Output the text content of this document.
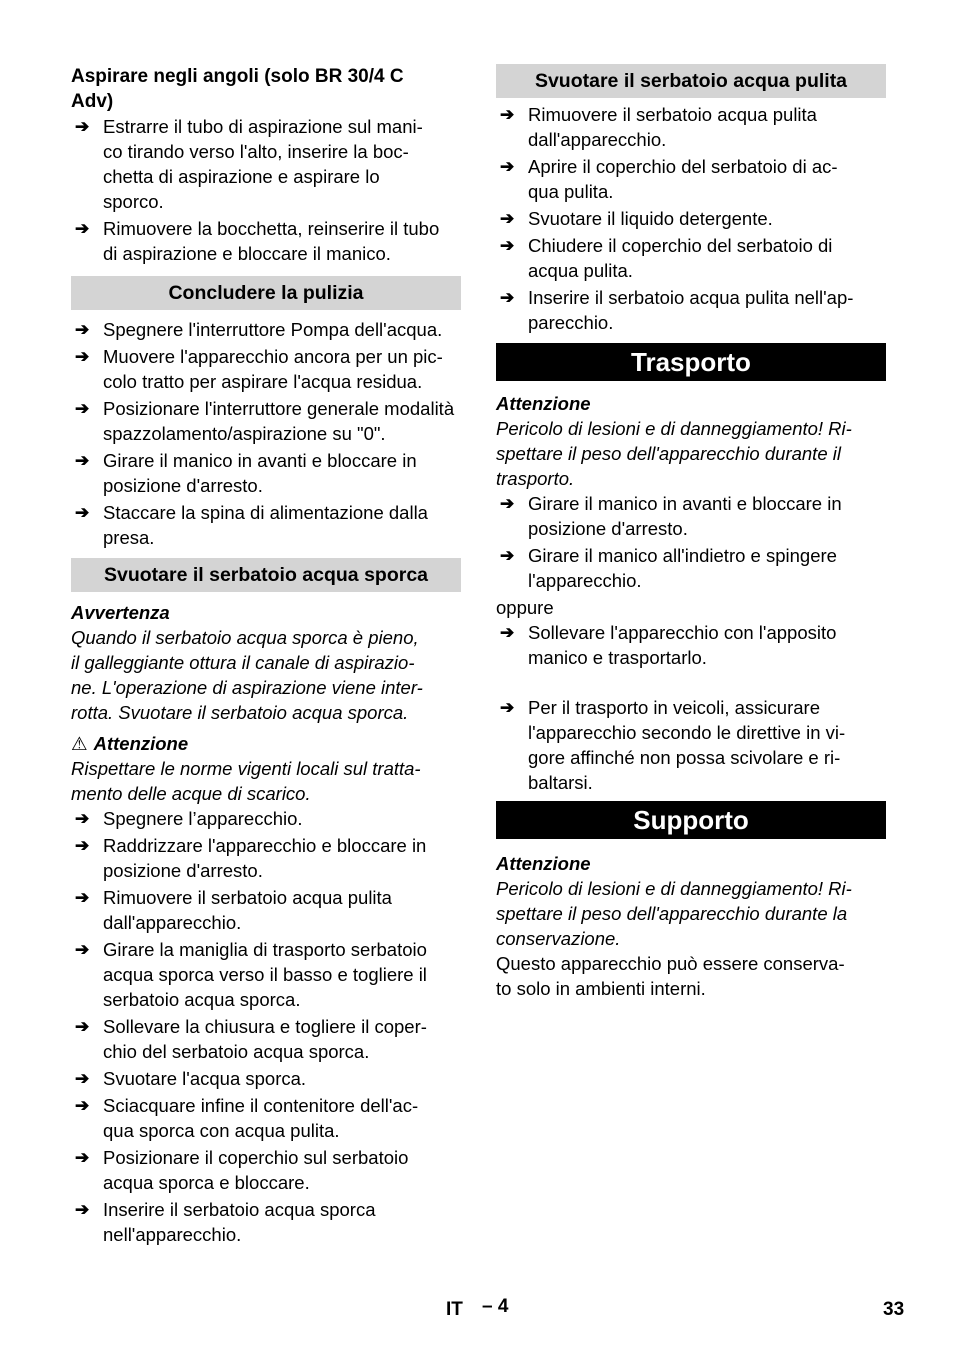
Aspirare negli angoli (solo BR 30/4 C
Adv)

➔ Estrarre il tubo di aspirazione sul mani-
co tirando verso l'alto, inserire la boc-
chetta di aspirazione e aspirare lo
sporco.
➔ Rimuovere la bocchetta, reinserire il tubo
di aspirazione e bloccare il manico.
Concludere la pulizia
➔ Spegnere l'interruttore Pompa dell'acqua.
➔ Muovere l'apparecchio ancora per un pic-
colo tratto per aspirare l'acqua residua.
➔ Posizionare l'interruttore generale modalità
spazzolamento/aspirazione su "0".
➔ Girare il manico in avanti e bloccare in
posizione d'arresto.
➔ Staccare la spina di alimentazione dalla
presa.
Svuotare il serbatoio acqua sporca

Avvertenza

Quando il serbatoio acqua sporca è pieno,
il galleggiante ottura il canale di aspirazio-
ne. L'operazione di aspirazione viene inter-
rotta. Svuotare il serbatoio acqua sporca.

⚠ Attenzione

Rispettare le norme vigenti locali sul tratta-
mento delle acque di scarico.

➔ Spegnere l’apparecchio.
➔ Raddrizzare l'apparecchio e bloccare in
posizione d'arresto.
➔ Rimuovere il serbatoio acqua pulita
dall'apparecchio.
➔ Girare la maniglia di trasporto serbatoio
acqua sporca verso il basso e togliere il
serbatoio acqua sporca.
➔ Sollevare la chiusura e togliere il coper-
chio del serbatoio acqua sporca.
➔ Svuotare l'acqua sporca.
➔ Sciacquare infine il contenitore dell'ac-
qua sporca con acqua pulita.
➔ Posizionare il coperchio sul serbatoio
acqua sporca e bloccare.
➔ Inserire il serbatoio acqua sporca
nell'apparecchio.
Svuotare il serbatoio acqua pulita
➔ Rimuovere il serbatoio acqua pulita
dall'apparecchio.
➔ Aprire il coperchio del serbatoio di ac-
qua pulita.
➔ Svuotare il liquido detergente.
➔ Chiudere il coperchio del serbatoio di
acqua pulita.
➔ Inserire il serbatoio acqua pulita nell'ap-
parecchio.
Trasporto

Attenzione

Pericolo di lesioni e di danneggiamento! Ri-
spettare il peso dell'apparecchio durante il
trasporto.

➔ Girare il manico in avanti e bloccare in
posizione d'arresto.
➔ Girare il manico all'indietro e spingere
l'apparecchio.

oppure

➔ Sollevare l'apparecchio con l'apposito
manico e trasportarlo.
➔ Per il trasporto in veicoli, assicurare
l'apparecchio secondo le direttive in vi-
gore affinché non possa scivolare e ri-
baltarsi.
Supporto

Attenzione

Pericolo di lesioni e di danneggiamento! Ri-
spettare il peso dell'apparecchio durante la
conservazione.

Questo apparecchio può essere conserva-
to solo in ambienti interni.

IT – 4	33
